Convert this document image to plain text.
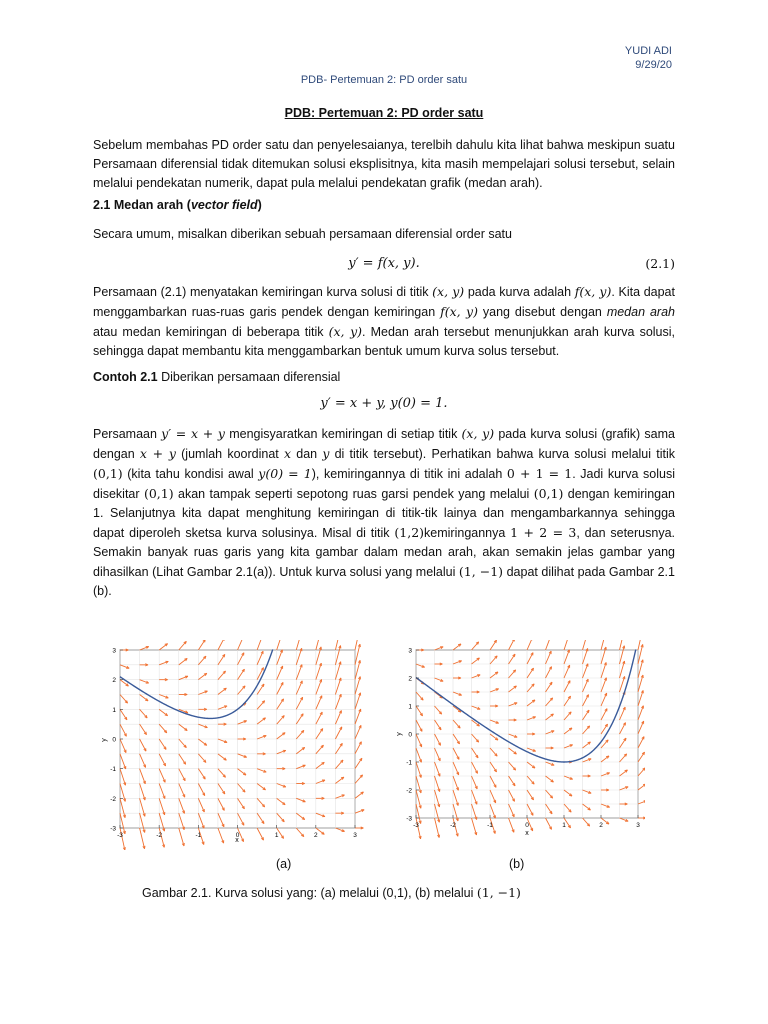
YUDI ADI
9/29/20
PDB- Pertemuan 2: PD order satu
PDB: Pertemuan 2: PD order satu

Sebelum membahas PD order satu dan penyelesaianya, terelbih dahulu kita lihat bahwa meskipun suatu Persamaan diferensial tidak ditemukan solusi eksplisitnya, kita masih mempelajari solusi tersebut, selain melalui pendekatan numerik, dapat pula melalui pendekatan grafik (medan arah).

2.1 Medan arah (vector field)

Secara umum, misalkan diberikan sebuah persamaan diferensial order satu

y′ = f(x, y).	(2.1)

Persamaan (2.1) menyatakan kemiringan kurva solusi di titik (x, y) pada kurva adalah f(x, y). Kita dapat menggambarkan ruas-ruas garis pendek dengan kemiringan f(x, y) yang disebut dengan medan arah atau medan kemiringan di beberapa titik (x, y). Medan arah tersebut menunjukkan arah kurva solusi, sehingga dapat membantu kita menggambarkan bentuk umum kurva solus tersebut.

Contoh 2.1 Diberikan persamaan diferensial

y′ = x + y, y(0) = 1.

Persamaan y′ = x + y mengisyaratkan kemiringan di setiap titik (x, y) pada kurva solusi (grafik) sama dengan x + y (jumlah koordinat x dan y di titik tersebut). Perhatikan bahwa kurva solusi melalui titik (0,1) (kita tahu kondisi awal y(0) = 1), kemiringannya di titik ini adalah 0 + 1 = 1. Jadi kurva solusi disekitar (0,1) akan tampak seperti sepotong ruas garsi pendek yang melalui (0,1) dengan kemiringan 1. Selanjutnya kita dapat menghitung kemiringan di titik-tik lainya dan mengambarkannya sehingga dapat diperoleh sketsa kurva solusinya. Misal di titik (1,2)kemiringannya 1 + 2 = 3, dan seterusnya. Semakin banyak ruas garis yang kita gambar dalam medan arah, akan semakin jelas gambar yang dihasilkan (Lihat Gambar 2.1(a)). Untuk kurva solusi yang melalui (1, −1) dapat dilihat pada Gambar 2.1 (b).

-3
-3
-2
-2
-1
-1
0
0
1
1
2
2
3
3
x
y
-3
-3
-2
-2
-1
-1
0
0
1
1
2
2
3
3
x
y
(a)	(b)
Gambar 2.1. Kurva solusi yang: (a) melalui (0,1), (b) melalui (1, −1)
